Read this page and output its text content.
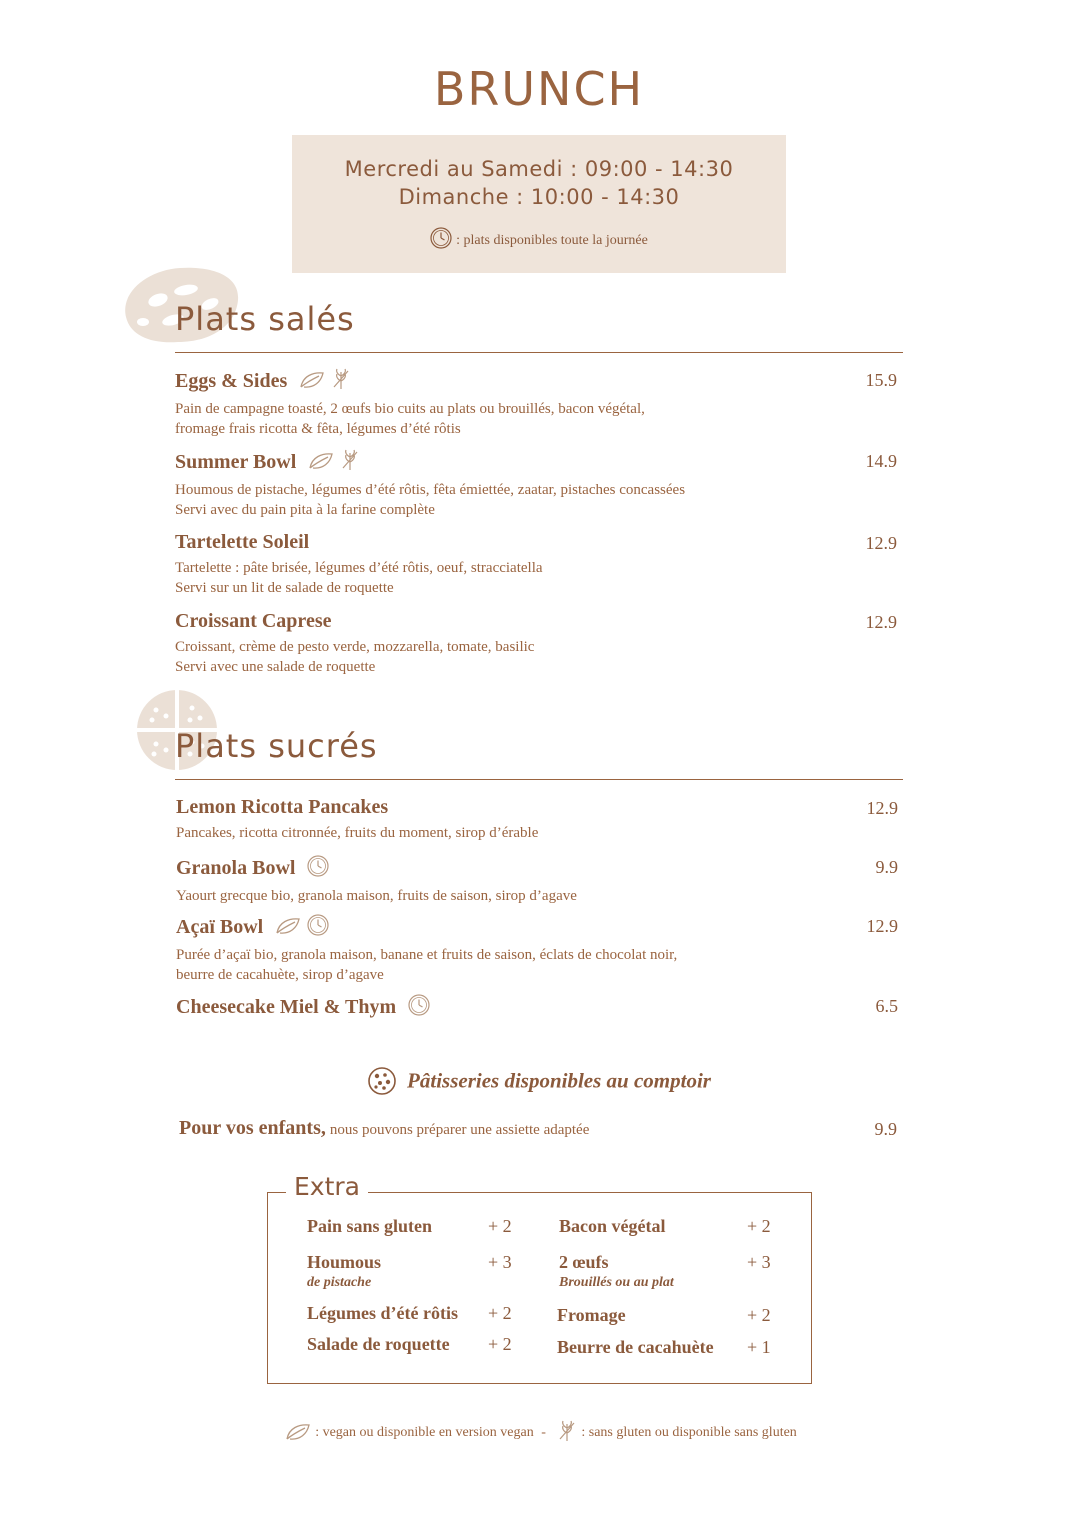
BRUNCH
Mercredi au Samedi : 09:00 - 14:30
Dimanche : 10:00 - 14:30
: plats disponibles toute la journée
Plats salés
Eggs & Sides	15.9
Pain de campagne toasté, 2 œufs bio cuits au plats ou brouillés, bacon végétal,
fromage frais ricotta & fêta, légumes d’été rôtis
Summer Bowl	14.9
Houmous de pistache, légumes d’été rôtis, fêta émiettée, zaatar, pistaches concassées
Servi avec du pain pita à la farine complète
Tartelette Soleil	12.9
Tartelette : pâte brisée, légumes d’été rôtis, oeuf, stracciatella
Servi sur un lit de salade de roquette
Croissant Caprese	12.9
Croissant, crème de pesto verde, mozzarella, tomate, basilic
Servi avec une salade de roquette
Plats sucrés
Lemon Ricotta Pancakes	12.9
Pancakes, ricotta citronnée, fruits du moment, sirop d’érable
Granola Bowl	9.9
Yaourt grecque bio, granola maison, fruits de saison, sirop d’agave
Açaï Bowl	12.9
Purée d’açaï bio, granola maison, banane et fruits de saison, éclats de chocolat noir,
beurre de cacahuète, sirop d’agave
Cheesecake Miel & Thym	6.5
Pâtisseries disponibles au comptoir
Pour vos enfants, nous pouvons préparer une assiette adaptée	9.9
Extra
Pain sans gluten	+ 2
Houmous
de pistache
+ 3
Légumes d’été rôtis + 2
Salade de roquette + 2
Bacon végétal	+ 2
2 œufs
Brouillés ou au plat
+ 3
Fromage	+ 2
Beurre de cacahuète + 1
: vegan ou disponible en version vegan -	: sans gluten ou disponible sans gluten
